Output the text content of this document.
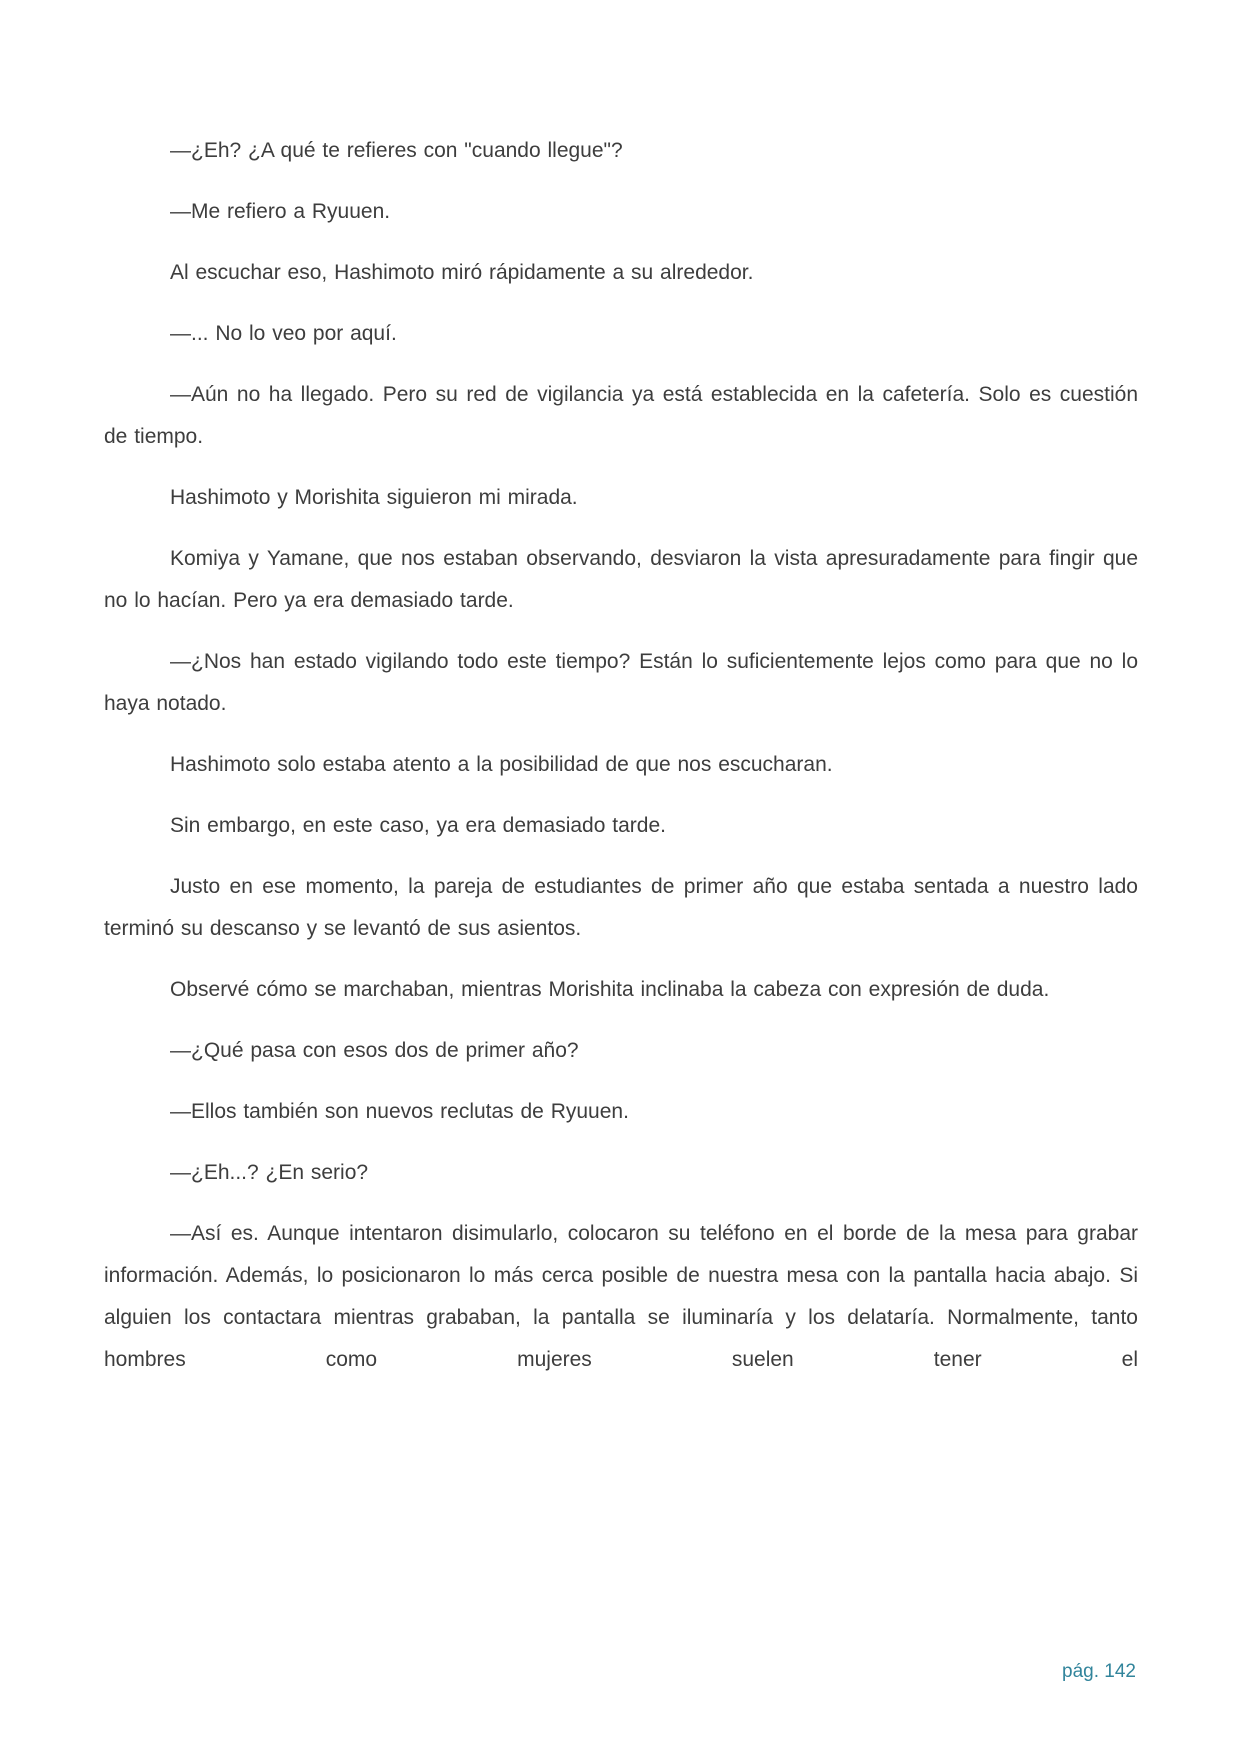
—¿Eh? ¿A qué te refieres con "cuando llegue"?

—Me refiero a Ryuuen.

Al escuchar eso, Hashimoto miró rápidamente a su alrededor.

—... No lo veo por aquí.

—Aún no ha llegado. Pero su red de vigilancia ya está establecida en la cafetería. Solo es cuestión de tiempo.

Hashimoto y Morishita siguieron mi mirada.

Komiya y Yamane, que nos estaban observando, desviaron la vista apresuradamente para fingir que no lo hacían. Pero ya era demasiado tarde.

—¿Nos han estado vigilando todo este tiempo? Están lo suficientemente lejos como para que no lo haya notado.

Hashimoto solo estaba atento a la posibilidad de que nos escucharan.

Sin embargo, en este caso, ya era demasiado tarde.

Justo en ese momento, la pareja de estudiantes de primer año que estaba sentada a nuestro lado terminó su descanso y se levantó de sus asientos.

Observé cómo se marchaban, mientras Morishita inclinaba la cabeza con expresión de duda.

—¿Qué pasa con esos dos de primer año?

—Ellos también son nuevos reclutas de Ryuuen.

—¿Eh...? ¿En serio?

—Así es. Aunque intentaron disimularlo, colocaron su teléfono en el borde de la mesa para grabar información. Además, lo posicionaron lo más cerca posible de nuestra mesa con la pantalla hacia abajo. Si alguien los contactara mientras grababan, la pantalla se iluminaría y los delataría. Normalmente, tanto hombres como mujeres suelen tener el

pág. 142
